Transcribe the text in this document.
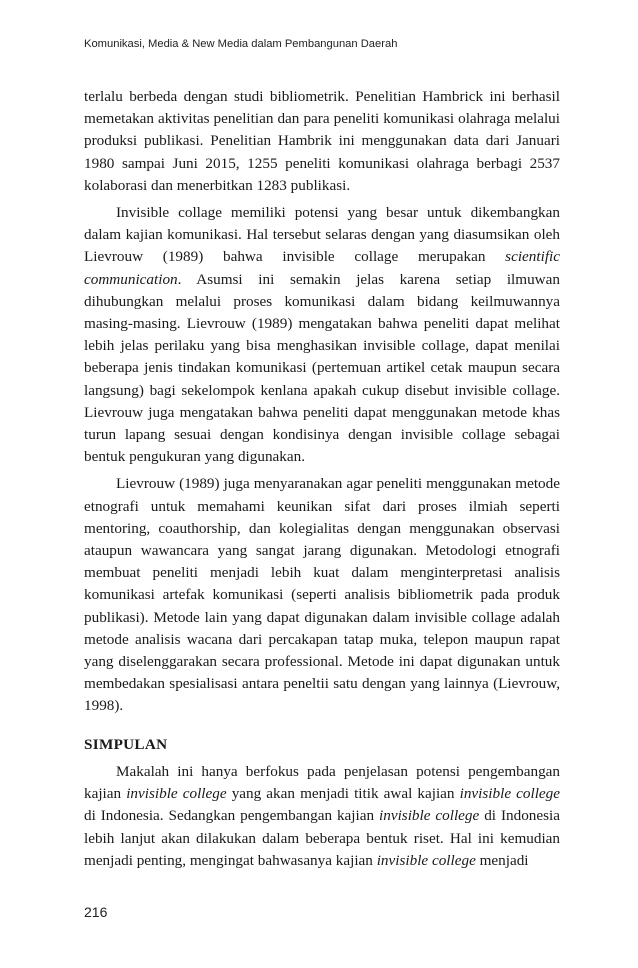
Komunikasi, Media & New Media dalam Pembangunan Daerah

terlalu berbeda dengan studi bibliometrik. Penelitian Hambrick ini berhasil memetakan aktivitas penelitian dan para peneliti komunikasi olahraga melalui produksi publikasi. Penelitian Hambrik ini menggunakan data dari Januari 1980 sampai Juni 2015, 1255 peneliti komunikasi olahraga berbagi 2537 kolaborasi dan menerbitkan 1283 publikasi.

Invisible collage memiliki potensi yang besar untuk dikembangkan dalam kajian komunikasi. Hal tersebut selaras dengan yang diasumsikan oleh Lievrouw (1989) bahwa invisible collage merupakan scientific communication. Asumsi ini semakin jelas karena setiap ilmuwan dihubungkan melalui proses komunikasi dalam bidang keilmuwannya masing-masing. Lievrouw (1989) mengatakan bahwa peneliti dapat melihat lebih jelas perilaku yang bisa menghasikan invisible collage, dapat menilai beberapa jenis tindakan komunikasi (pertemuan artikel cetak maupun secara langsung) bagi sekelompok kenlana apakah cukup disebut invisible collage. Lievrouw juga mengatakan bahwa peneliti dapat menggunakan metode khas turun lapang sesuai dengan kondisinya dengan invisible collage sebagai bentuk pengukuran yang digunakan.

Lievrouw (1989) juga menyaranakan agar peneliti menggunakan metode etnografi untuk memahami keunikan sifat dari proses ilmiah seperti mentoring, coauthorship, dan kolegialitas dengan menggunakan observasi ataupun wawancara yang sangat jarang digunakan. Metodologi etnografi membuat peneliti menjadi lebih kuat dalam menginterpretasi analisis komunikasi artefak komunikasi (seperti analisis bibliometrik pada produk publikasi). Metode lain yang dapat digunakan dalam invisible collage adalah metode analisis wacana dari percakapan tatap muka, telepon maupun rapat yang diselenggarakan secara professional. Metode ini dapat digunakan untuk membedakan spesialisasi antara peneltii satu dengan yang lainnya (Lievrouw, 1998).

SIMPULAN

Makalah ini hanya berfokus pada penjelasan potensi pengembangan kajian invisible college yang akan menjadi titik awal kajian invisible college di Indonesia. Sedangkan pengembangan kajian invisible college di Indonesia lebih lanjut akan dilakukan dalam beberapa bentuk riset. Hal ini kemudian menjadi penting, mengingat bahwasanya kajian invisible college menjadi

216
